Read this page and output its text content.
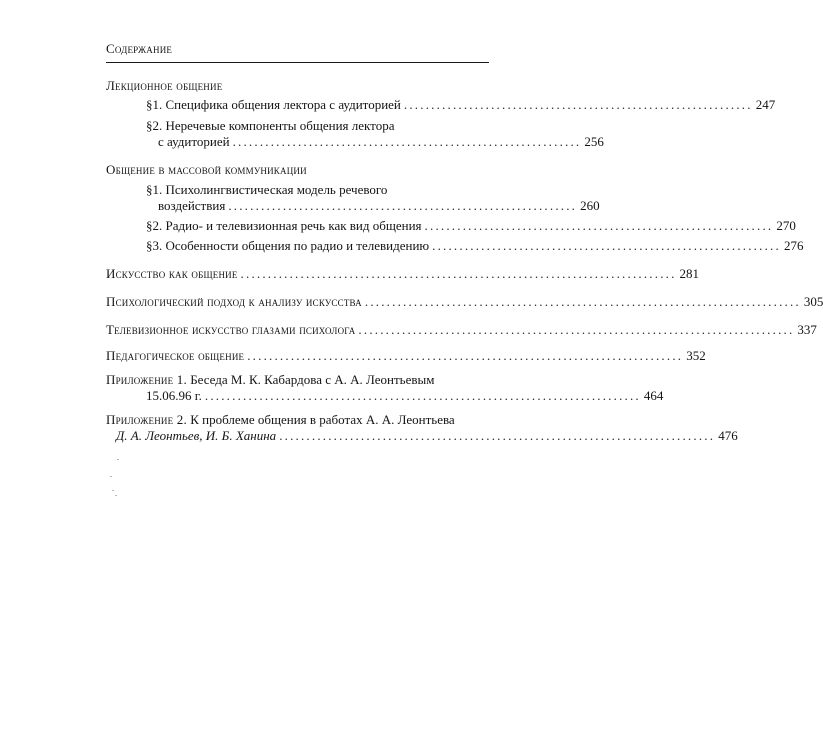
Содержание
Лекционное общение
§1. Специфика общения лектора с аудиторией ................................................................ 247
§2. Неречевые компоненты общения лектора
с аудиторией ................................................................ 256
Общение в массовой коммуникации
§1. Психолингвистическая модель речевого
воздействия ................................................................ 260
§2. Радио- и телевизионная речь как вид общения ................................................................ 270
§3. Особенности общения по радио и телевидению ................................................................ 276
Искусство как общение ................................................................................ 281
Психологический подход к анализу искусства ................................................................................ 305
Телевизионное искусство глазами психолога ................................................................................ 337
Педагогическое общение ................................................................................ 352
Приложение 1. Беседа М. К. Кабардова с А. А. Леонтьевым
15.06.96 г. ................................................................................ 464
Приложение 2. К проблеме общения в работах А. А. Леонтьева
Д. А. Леонтьев, И. Б. Ханина ................................................................................ 476
